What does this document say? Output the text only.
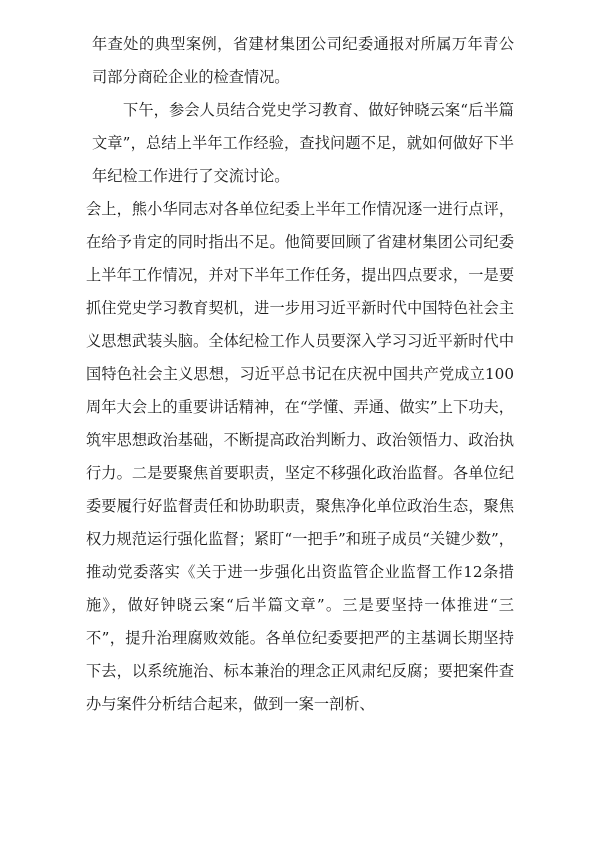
年查处的典型案例，省建材集团公司纪委通报对所属万年青公司部分商砼企业的检查情况。

下午，参会人员结合党史学习教育、做好钟晓云案“后半篇文章”，总结上半年工作经验，查找问题不足，就如何做好下半年纪检工作进行了交流讨论。

会上，熊小华同志对各单位纪委上半年工作情况逐一进行点评，在给予肯定的同时指出不足。他简要回顾了省建材集团公司纪委上半年工作情况，并对下半年工作任务，提出四点要求，一是要抓住党史学习教育契机，进一步用习近平新时代中国特色社会主义思想武装头脑。全体纪检工作人员要深入学习习近平新时代中国特色社会主义思想，习近平总书记在庆祝中国共产党成立100周年大会上的重要讲话精神，在“学懂、弄通、做实”上下功夫，筑牢思想政治基础，不断提高政治判断力、政治领悟力、政治执行力。二是要聚焦首要职责，坚定不移强化政治监督。各单位纪委要履行好监督责任和协助职责，聚焦净化单位政治生态，聚焦权力规范运行强化监督；紧盯“一把手”和班子成员“关键少数”，推动党委落实《关于进一步强化出资监管企业监督工作12条措施》，做好钟晓云案“后半篇文章”。三是要坚持一体推进“三不”，提升治理腐败效能。各单位纪委要把严的主基调长期坚持下去，以系统施治、标本兼治的理念正风肃纪反腐；要把案件查办与案件分析结合起来，做到一案一剖析、
